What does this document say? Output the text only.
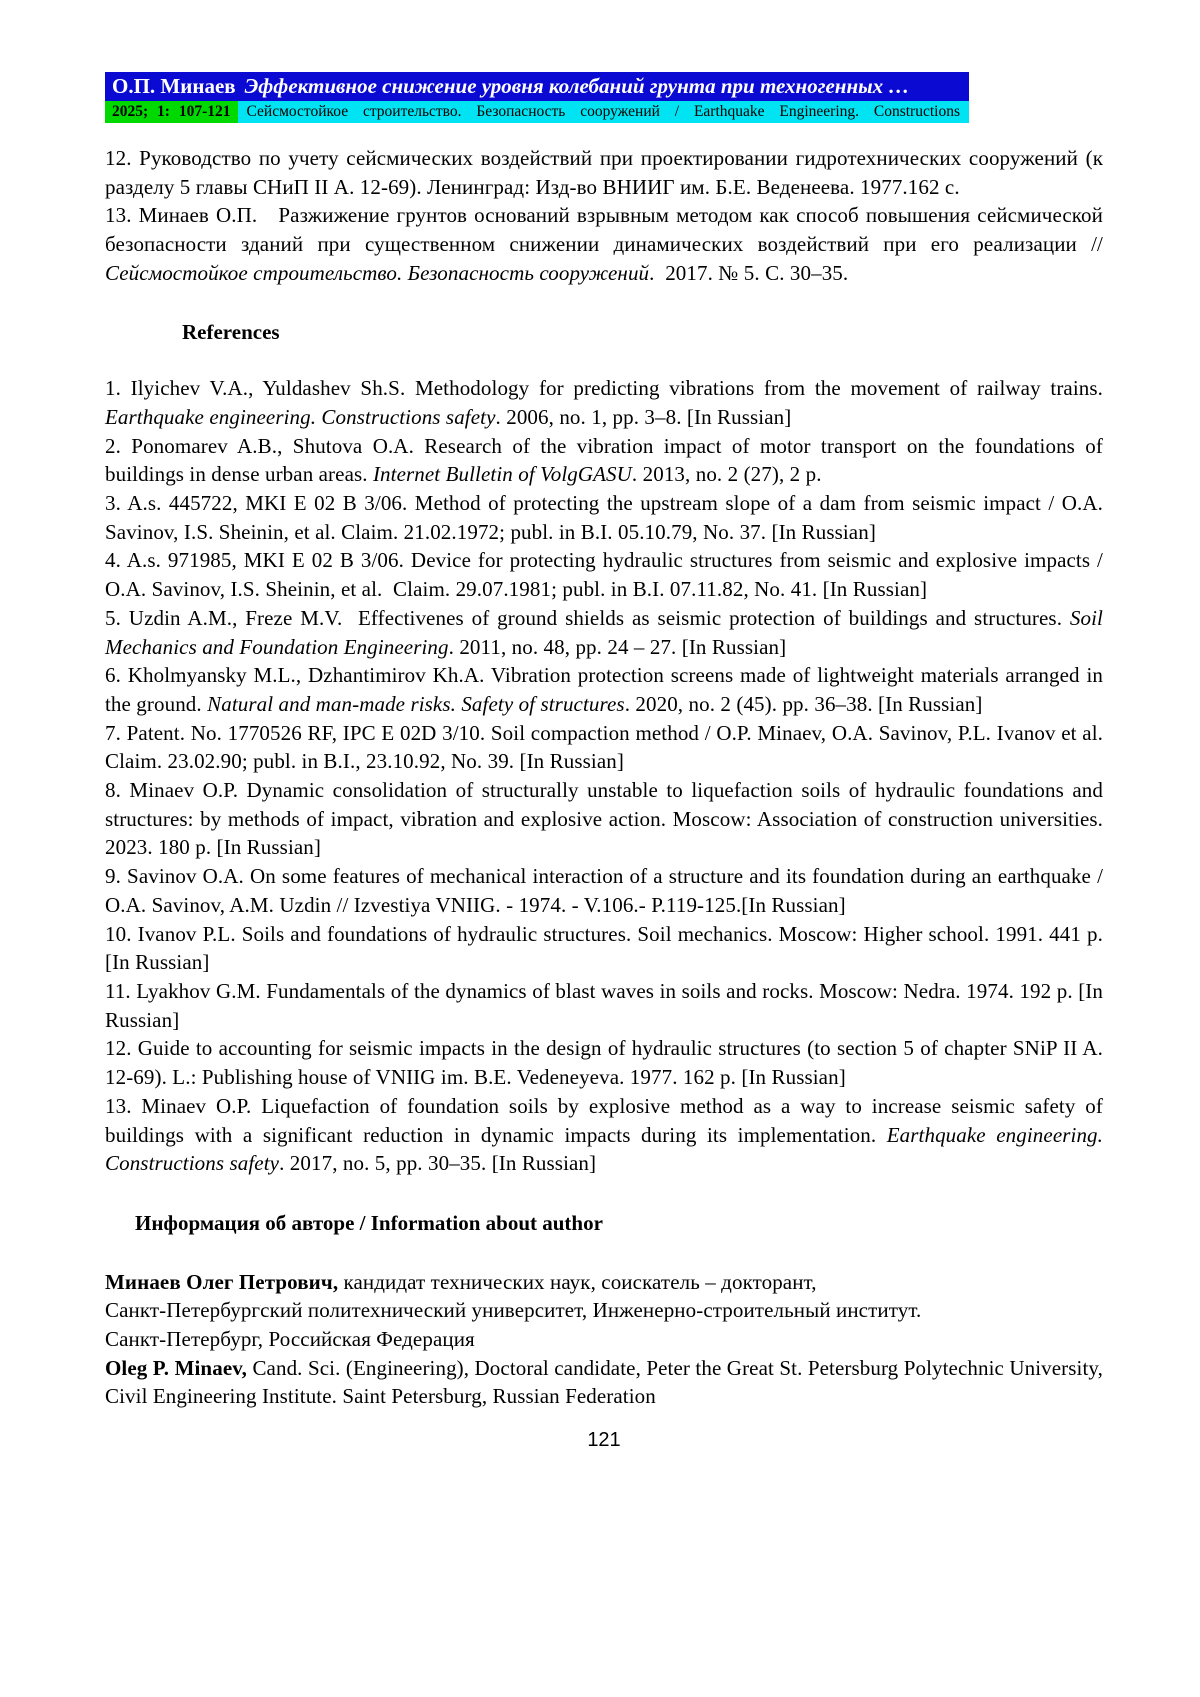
О.П. Минаев Эффективное снижение уровня колебаний грунта при техногенных …
2025; 1: 107-121	Сейсмостойкое строительство. Безопасность сооружений / Earthquake Engineering. Constructions

12. Руководство по учету сейсмических воздействий при проектировании гидротехнических сооружений (к разделу 5 главы СНиП II А. 12-69). Ленинград: Изд-во ВНИИГ им. Б.Е. Веденеева. 1977.162 с.

13. Минаев О.П.   Разжижение грунтов оснований взрывным методом как способ повышения сейсмической безопасности зданий при существенном снижении динамических воздействий при его реализации // Сейсмостойкое строительство. Безопасность сооружений.  2017. № 5. С. 30–35.

References

1. Ilyichev V.A., Yuldashev Sh.S. Methodology for predicting vibrations from the movement of railway trains. Earthquake engineering. Constructions safety. 2006, no. 1, pp. 3–8. [In Russian]

2. Ponomarev A.B., Shutova O.A. Research of the vibration impact of motor transport on the foundations of buildings in dense urban areas. Internet Bulletin of VolgGASU. 2013, no. 2 (27), 2 p.

3. A.s. 445722, MKI E 02 B 3/06. Method of protecting the upstream slope of a dam from seismic impact / O.A. Savinov, I.S. Sheinin, et al. Claim. 21.02.1972; publ. in B.I. 05.10.79, No. 37. [In Russian]

4. A.s. 971985, MKI E 02 B 3/06. Device for protecting hydraulic structures from seismic and explosive impacts / O.A. Savinov, I.S. Sheinin, et al.  Claim. 29.07.1981; publ. in B.I. 07.11.82, No. 41. [In Russian]

5. Uzdin A.M., Freze M.V.  Effectivenes of ground shields as seismic protection of buildings and structures. Soil Mechanics and Foundation Engineering. 2011, no. 48, pp. 24 – 27. [In Russian]

6. Kholmyansky M.L., Dzhantimirov Kh.A. Vibration protection screens made of lightweight materials arranged in the ground. Natural and man-made risks. Safety of structures. 2020, no. 2 (45). pp. 36–38. [In Russian]

7. Patent. No. 1770526 RF, IPC E 02D 3/10. Soil compaction method / O.P. Minaev, O.A. Savinov, P.L. Ivanov et al. Claim. 23.02.90; publ. in B.I., 23.10.92, No. 39. [In Russian]

8. Minaev O.P. Dynamic consolidation of structurally unstable to liquefaction soils of hydraulic foundations and structures: by methods of impact, vibration and explosive action. Moscow: Association of construction universities. 2023. 180 p. [In Russian]

9. Savinov O.A. On some features of mechanical interaction of a structure and its foundation during an earthquake / O.A. Savinov, A.M. Uzdin // Izvestiya VNIIG. - 1974. - V.106.- P.119-125.[In Russian]

10. Ivanov P.L. Soils and foundations of hydraulic structures. Soil mechanics. Moscow: Higher school. 1991. 441 p. [In Russian]

11. Lyakhov G.M. Fundamentals of the dynamics of blast waves in soils and rocks. Moscow: Nedra. 1974. 192 p. [In Russian]

12. Guide to accounting for seismic impacts in the design of hydraulic structures (to section 5 of chapter SNiP II A. 12-69). L.: Publishing house of VNIIG im. B.E. Vedeneyeva. 1977. 162 p. [In Russian]

13. Minaev O.P. Liquefaction of foundation soils by explosive method as a way to increase seismic safety of buildings with a significant reduction in dynamic impacts during its implementation. Earthquake engineering. Constructions safety. 2017, no. 5, pp. 30–35. [In Russian]

Информация об авторе / Information about author

Минаев Олег Петрович, кандидат технических наук, соискатель – докторант,

Санкт-Петербургский политехнический университет, Инженерно-строительный институт.

Санкт-Петербург, Российская Федерация

Oleg P. Minaev, Cand. Sci. (Engineering), Doctoral candidate, Peter the Great St. Petersburg Polytechnic University, Civil Engineering Institute. Saint Petersburg, Russian Federation

121
